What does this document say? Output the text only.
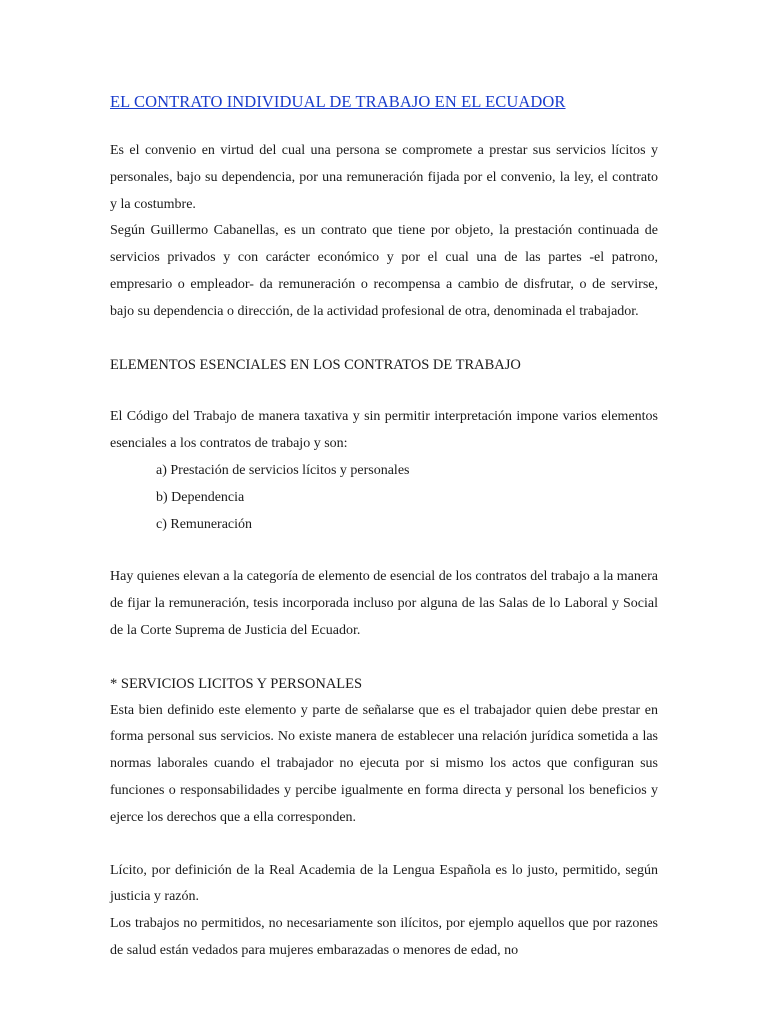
EL CONTRATO INDIVIDUAL DE TRABAJO EN EL ECUADOR

Es el convenio en virtud del cual una persona se compromete a prestar sus servicios lícitos y personales, bajo su dependencia, por una remuneración fijada por el convenio, la ley, el contrato y la costumbre.

Según Guillermo Cabanellas, es un contrato que tiene por objeto, la prestación continuada de servicios privados y con carácter económico y por el cual una de las partes -el patrono, empresario o empleador- da remuneración o recompensa a cambio de disfrutar, o de servirse, bajo su dependencia o dirección, de la actividad profesional de otra, denominada el trabajador.

ELEMENTOS ESENCIALES EN LOS CONTRATOS DE TRABAJO

El Código del Trabajo de manera taxativa y sin permitir interpretación impone varios elementos esenciales a los contratos de trabajo y son:

a) Prestación de servicios lícitos y personales
b) Dependencia
c) Remuneración

Hay quienes elevan a la categoría de elemento de esencial de los contratos del trabajo a la manera de fijar la remuneración, tesis incorporada incluso por alguna de las Salas de lo Laboral y Social de la Corte Suprema de Justicia del Ecuador.

* SERVICIOS LICITOS Y PERSONALES

Esta bien definido este elemento y parte de señalarse que es el trabajador quien debe prestar en forma personal sus servicios. No existe manera de establecer una relación jurídica sometida a las normas laborales cuando el trabajador no ejecuta por si mismo los actos que configuran sus funciones o responsabilidades y percibe igualmente en forma directa y personal los beneficios y ejerce los derechos que a ella corresponden.

Lícito, por definición de la Real Academia de la Lengua Española es lo justo, permitido, según justicia y razón.

Los trabajos no permitidos, no necesariamente son ilícitos, por ejemplo aquellos que por razones de salud están vedados para mujeres embarazadas o menores de edad, no
